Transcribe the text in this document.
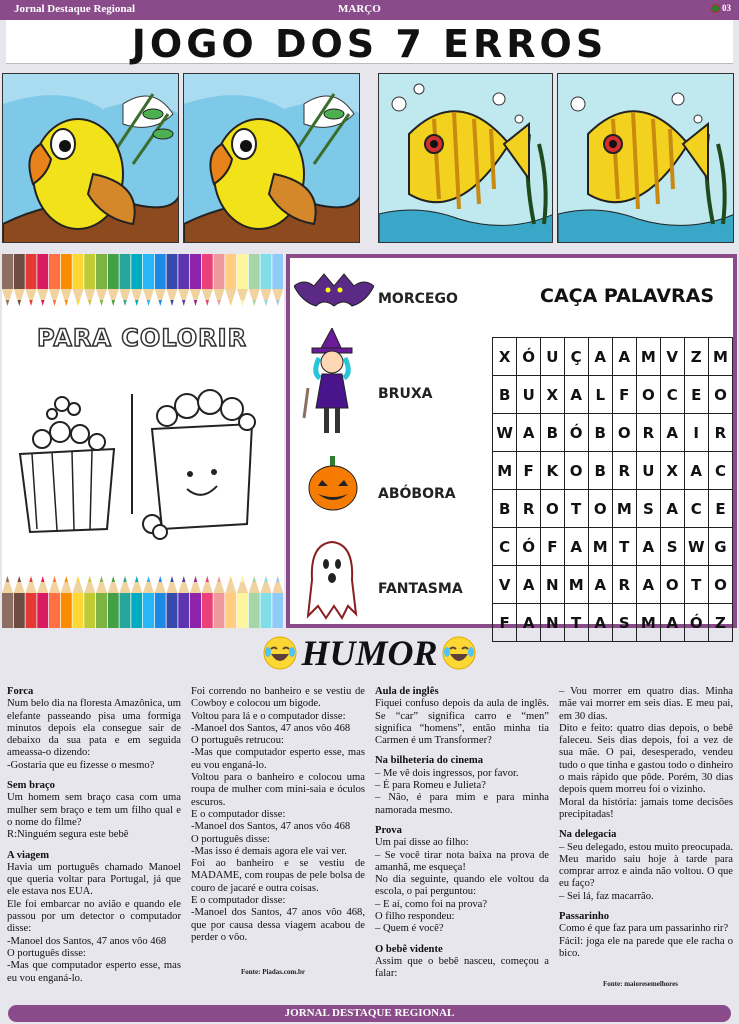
Jornal Destaque Regional	MARÇO	03
JOGO DOS 7 ERROS
PARA COLORIR
MORCEGO
BRUXA
ABÓBORA
FANTASMA
CAÇA PALAVRAS
X	Ó	U	Ç	A	A	M	V	Z	M
B	U	X	A	L	F	O	C	E	O
W	A	B	Ó	B	O	R	A	I	R
M	F	K	O	B	R	U	X	A	C
B	R	O	T	O	M	S	A	C	E
C	Ó	F	A	M	T	A	S	W	G
V	A	N	M	A	R	A	O	T	O
F	A	N	T	A	S	M	A	Ó	Z
HUMOR
Forca

Num belo dia na floresta Amazônica, um elefante passeando pisa uma formiga minutos depois ela consegue sair de debaixo da sua pata e em seguida ameassa-o dizendo:

-Gostaria que eu fizesse o mesmo?

Sem braço

Um homem sem braço casa com uma mulher sem braço e tem um filho qual e o nome do filme?

R:Ninguém segura este bebê

A viagem

Havia um português chamado Manoel que queria voltar para Portugal, já que ele estava nos EUA.

Ele foi embarcar no avião e quando ele passou por um detector o computador disse:

-Manoel dos Santos, 47 anos vôo 468

O português disse:

-Mas que computador esperto esse, mas eu vou enganá-lo.

Foi correndo no banheiro e se vestiu de Cowboy e colocou um bigode.

Voltou para lá e o computador disse:

-Manoel dos Santos, 47 anos vôo 468

O português retrucou:

-Mas que computador esperto esse, mas eu vou enganá-lo.

Voltou para o banheiro e colocou uma roupa de mulher com mini-saia e óculos escuros.

E o computador disse:

-Manoel dos Santos, 47 anos vôo 468

O português disse:

-Mas isso é demais agora ele vai ver.

Foi ao banheiro e se vestiu de MADAME, com roupas de pele bolsa de couro de jacaré e outra coisas.

E o computador disse:

-Manoel dos Santos, 47 anos vôo 468, que por causa dessa viagem acabou de perder o vôo.

Fonte: Piadas.com.br
Aula de inglês

Fiquei confuso depois da aula de inglês. Se “car” significa carro e “men” significa “homens”, então minha tia Carmen é um Transformer?

Na bilheteria do cinema

– Me vê dois ingressos, por favor.

– É para Romeu e Julieta?

– Não, é para mim e para minha namorada mesmo.

Prova

Um pai disse ao filho:

– Se você tirar nota baixa na prova de amanhã, me esqueça!

No dia seguinte, quando ele voltou da escola, o pai perguntou:

– E aí, como foi na prova?

O filho respondeu:

– Quem é você?

O bebê vidente

Assim que o bebê nasceu, começou a falar:

– Vou morrer em quatro dias. Minha mãe vai morrer em seis dias. E meu pai, em 30 dias.

Dito e feito: quatro dias depois, o bebê faleceu. Seis dias depois, foi a vez de sua mãe. O pai, desesperado, vendeu tudo o que tinha e gastou todo o dinheiro o mais rápido que pôde. Porém, 30 dias depois quem morreu foi o vizinho.

Moral da história: jamais tome decisões precipitadas!

Na delegacia

– Seu delegado, estou muito preocupada. Meu marido saiu hoje à tarde para comprar arroz e ainda não voltou. O que eu faço?

– Sei lá, faz macarrão.

Passarinho

Como é que faz para um passarinho rir?

Fácil: joga ele na parede que ele racha o bico.

Fonte: maioresemelhores
JORNAL DESTAQUE REGIONAL
